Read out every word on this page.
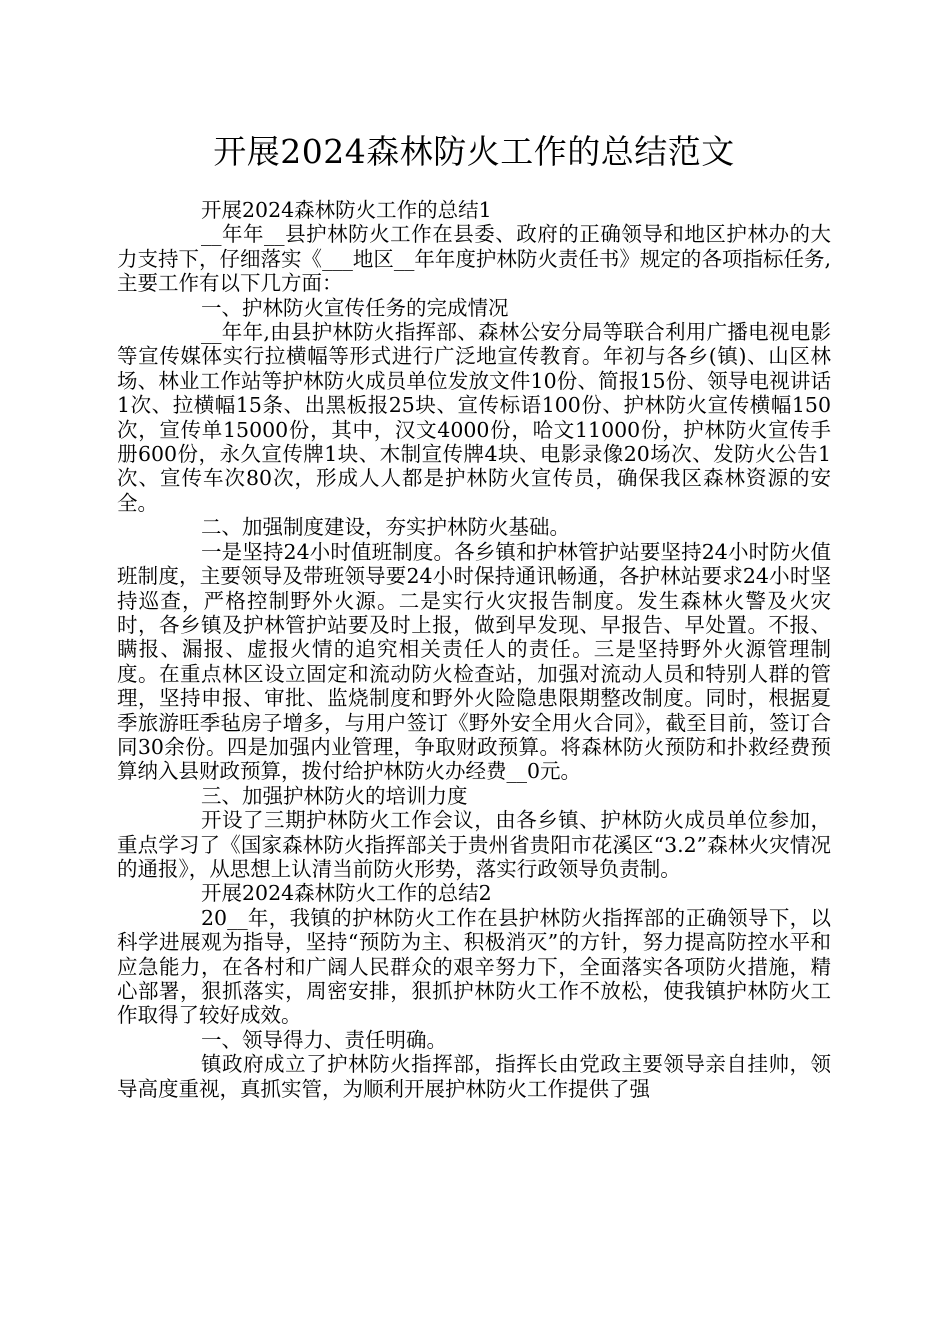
开展2024森林防火工作的总结范文

开展2024森林防火工作的总结1

__年年__县护林防火工作在县委、政府的正确领导和地区护林办的大力支持下，仔细落实《___地区__年年度护林防火责任书》规定的各项指标任务,主要工作有以下几方面：

一、护林防火宣传任务的完成情况

__年年,由县护林防火指挥部、森林公安分局等联合利用广播电视电影等宣传媒体实行拉横幅等形式进行广泛地宣传教育。年初与各乡(镇)、山区林场、林业工作站等护林防火成员单位发放文件10份、简报15份、领导电视讲话1次、拉横幅15条、出黑板报25块、宣传标语100份、护林防火宣传横幅150次，宣传单15000份，其中，汉文4000份，哈文11000份，护林防火宣传手册600份，永久宣传牌1块、木制宣传牌4块、电影录像20场次、发防火公告1次、宣传车次80次，形成人人都是护林防火宣传员，确保我区森林资源的安全。

二、加强制度建设，夯实护林防火基础。

一是坚持24小时值班制度。各乡镇和护林管护站要坚持24小时防火值班制度，主要领导及带班领导要24小时保持通讯畅通，各护林站要求24小时坚持巡查，严格控制野外火源。二是实行火灾报告制度。发生森林火警及火灾时，各乡镇及护林管护站要及时上报，做到早发现、早报告、早处置。不报、瞒报、漏报、虚报火情的追究相关责任人的责任。三是坚持野外火源管理制度。在重点林区设立固定和流动防火检查站，加强对流动人员和特别人群的管理，坚持申报、审批、监烧制度和野外火险隐患限期整改制度。同时，根据夏季旅游旺季毡房子增多，与用户签订《野外安全用火合同》，截至目前，签订合同30余份。四是加强内业管理，争取财政预算。将森林防火预防和扑救经费预算纳入县财政预算，拨付给护林防火办经费__0元。

三、加强护林防火的培训力度

开设了三期护林防火工作会议，由各乡镇、护林防火成员单位参加，重点学习了《国家森林防火指挥部关于贵州省贵阳市花溪区“3.2”森林火灾情况的通报》，从思想上认清当前防火形势，落实行政领导负责制。

开展2024森林防火工作的总结2

20__年，我镇的护林防火工作在县护林防火指挥部的正确领导下，以科学进展观为指导，坚持“预防为主、积极消灭”的方针，努力提高防控水平和应急能力，在各村和广阔人民群众的艰辛努力下，全面落实各项防火措施，精心部署，狠抓落实，周密安排，狠抓护林防火工作不放松，使我镇护林防火工作取得了较好成效。

一、领导得力、责任明确。

镇政府成立了护林防火指挥部，指挥长由党政主要领导亲自挂帅，领导高度重视，真抓实管，为顺利开展护林防火工作提供了强
